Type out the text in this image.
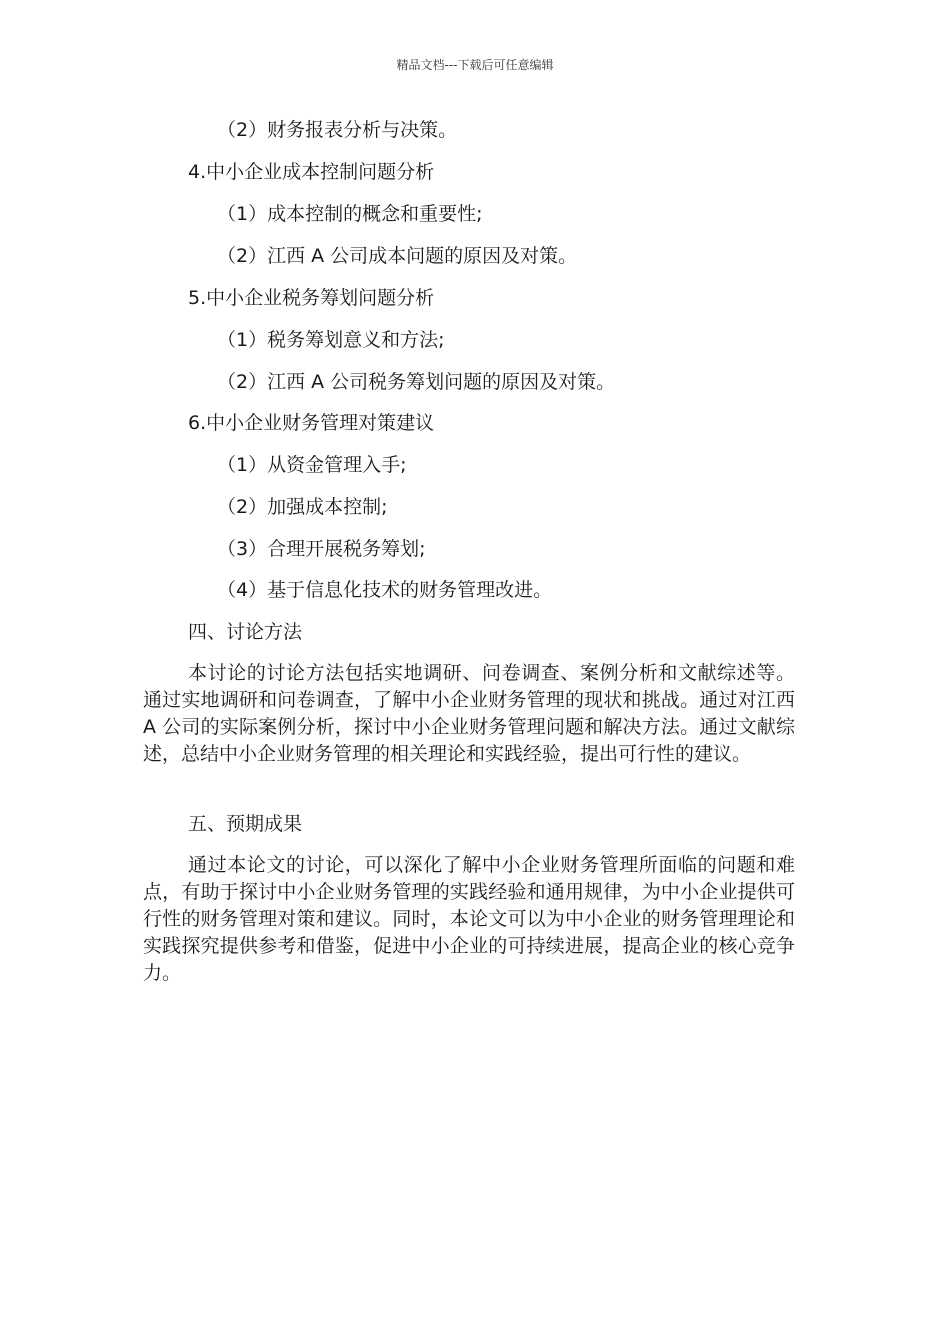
精品文档---下载后可任意编辑
（2）财务报表分析与决策。
4.中小企业成本控制问题分析
（1）成本控制的概念和重要性;
（2）江西 A 公司成本问题的原因及对策。
5.中小企业税务筹划问题分析
（1）税务筹划意义和方法;
（2）江西 A 公司税务筹划问题的原因及对策。
6.中小企业财务管理对策建议
（1）从资金管理入手;
（2）加强成本控制;
（3）合理开展税务筹划;
（4）基于信息化技术的财务管理改进。
四、讨论方法
本讨论的讨论方法包括实地调研、问卷调查、案例分析和文献综述等。通过实地调研和问卷调查，了解中小企业财务管理的现状和挑战。通过对江西 A 公司的实际案例分析，探讨中小企业财务管理问题和解决方法。通过文献综述，总结中小企业财务管理的相关理论和实践经验，提出可行性的建议。
五、预期成果
通过本论文的讨论，可以深化了解中小企业财务管理所面临的问题和难点，有助于探讨中小企业财务管理的实践经验和通用规律，为中小企业提供可行性的财务管理对策和建议。同时，本论文可以为中小企业的财务管理理论和实践探究提供参考和借鉴，促进中小企业的可持续进展，提高企业的核心竞争力。
